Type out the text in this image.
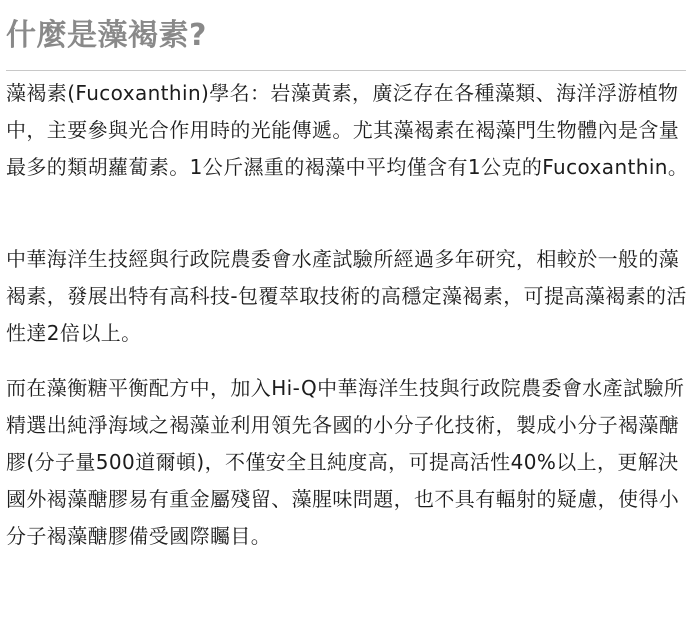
什麼是藻褐素?

藻褐素(Fucoxanthin)學名：岩藻黃素，廣泛存在各種藻類、海洋浮游植物中，主要參與光合作用時的光能傳遞。尤其藻褐素在褐藻門生物體內是含量最多的類胡蘿蔔素。1公斤濕重的褐藻中平均僅含有1公克的Fucoxanthin。

中華海洋生技經與行政院農委會水產試驗所經過多年研究，相較於一般的藻褐素，發展出特有高科技-包覆萃取技術的高穩定藻褐素，可提高藻褐素的活性達2倍以上。

而在藻衡糖平衡配方中，加入Hi-Q中華海洋生技與行政院農委會水產試驗所精選出純淨海域之褐藻並利用領先各國的小分子化技術，製成小分子褐藻醣膠(分子量500道爾頓)，不僅安全且純度高，可提高活性40%以上，更解決國外褐藻醣膠易有重金屬殘留、藻腥味問題，也不具有輻射的疑慮，使得小分子褐藻醣膠備受國際矚目。
